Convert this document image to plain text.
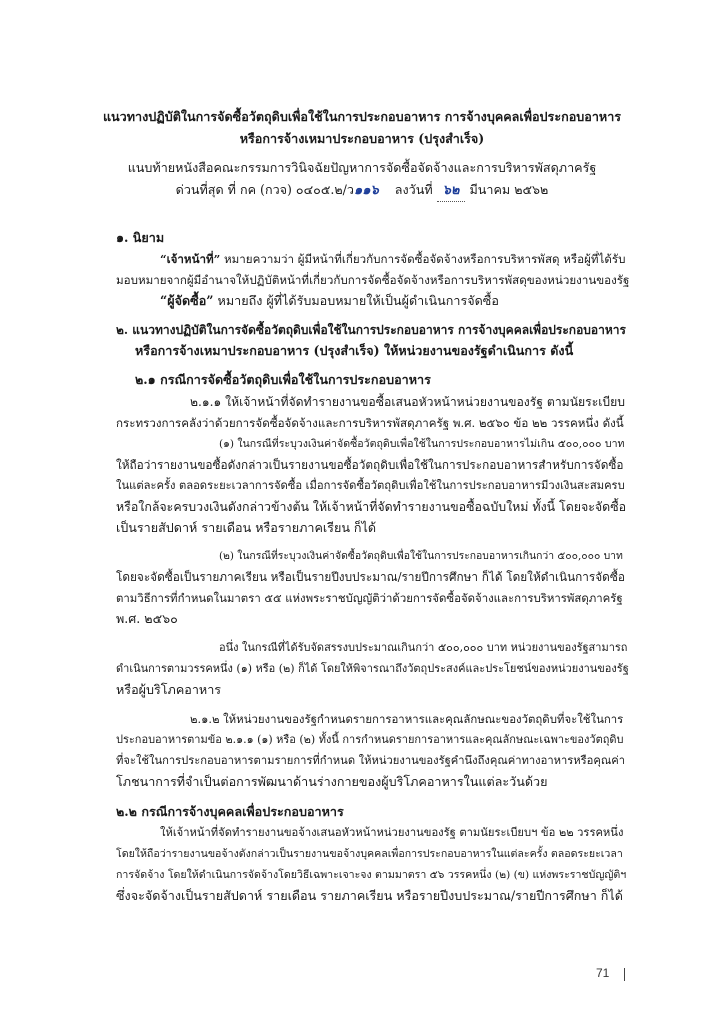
แนวทางปฏิบัติในการจัดซื้อวัตถุดิบเพื่อใช้ในการประกอบอาหาร การจ้างบุคคลเพื่อประกอบอาหาร
หรือการจ้างเหมาประกอบอาหาร (ปรุงสำเร็จ)
แนบท้ายหนังสือคณะกรรมการวินิจฉัยปัญหาการจัดซื้อจัดจ้างและการบริหารพัสดุภาครัฐ
ด่วนที่สุด ที่ กค (กวจ) ๐๔๐๕.๒/ว๑๑๖ ลงวันที่ ๖๒ มีนาคม ๒๕๖๒
๑. นิยาม
“เจ้าหน้าที่” หมายความว่า ผู้มีหน้าที่เกี่ยวกับการจัดซื้อจัดจ้างหรือการบริหารพัสดุ หรือผู้ที่ได้รับ
มอบหมายจากผู้มีอำนาจให้ปฏิบัติหน้าที่เกี่ยวกับการจัดซื้อจัดจ้างหรือการบริหารพัสดุของหน่วยงานของรัฐ
“ผู้จัดซื้อ” หมายถึง ผู้ที่ได้รับมอบหมายให้เป็นผู้ดำเนินการจัดซื้อ
๒. แนวทางปฏิบัติในการจัดซื้อวัตถุดิบเพื่อใช้ในการประกอบอาหาร การจ้างบุคคลเพื่อประกอบอาหาร
หรือการจ้างเหมาประกอบอาหาร (ปรุงสำเร็จ) ให้หน่วยงานของรัฐดำเนินการ ดังนี้
๒.๑ กรณีการจัดซื้อวัตถุดิบเพื่อใช้ในการประกอบอาหาร
๒.๑.๑ ให้เจ้าหน้าที่จัดทำรายงานขอซื้อเสนอหัวหน้าหน่วยงานของรัฐ ตามนัยระเบียบ
กระทรวงการคลังว่าด้วยการจัดซื้อจัดจ้างและการบริหารพัสดุภาครัฐ พ.ศ. ๒๕๖๐ ข้อ ๒๒ วรรคหนึ่ง ดังนี้
(๑) ในกรณีที่ระบุวงเงินค่าจัดซื้อวัตถุดิบเพื่อใช้ในการประกอบอาหารไม่เกิน ๕๐๐,๐๐๐ บาท
ให้ถือว่ารายงานขอซื้อดังกล่าวเป็นรายงานขอซื้อวัตถุดิบเพื่อใช้ในการประกอบอาหารสำหรับการจัดซื้อ
ในแต่ละครั้ง ตลอดระยะเวลาการจัดซื้อ เมื่อการจัดซื้อวัตถุดิบเพื่อใช้ในการประกอบอาหารมีวงเงินสะสมครบ
หรือใกล้จะครบวงเงินดังกล่าวข้างต้น ให้เจ้าหน้าที่จัดทำรายงานขอซื้อฉบับใหม่ ทั้งนี้ โดยจะจัดซื้อ
เป็นรายสัปดาห์ รายเดือน หรือรายภาคเรียน ก็ได้
(๒) ในกรณีที่ระบุวงเงินค่าจัดซื้อวัตถุดิบเพื่อใช้ในการประกอบอาหารเกินกว่า ๕๐๐,๐๐๐ บาท
โดยจะจัดซื้อเป็นรายภาคเรียน หรือเป็นรายปีงบประมาณ/รายปีการศึกษา ก็ได้ โดยให้ดำเนินการจัดซื้อ
ตามวิธีการที่กำหนดในมาตรา ๕๕ แห่งพระราชบัญญัติว่าด้วยการจัดซื้อจัดจ้างและการบริหารพัสดุภาครัฐ
พ.ศ. ๒๕๖๐
อนึ่ง ในกรณีที่ได้รับจัดสรรงบประมาณเกินกว่า ๕๐๐,๐๐๐ บาท หน่วยงานของรัฐสามารถ
ดำเนินการตามวรรคหนึ่ง (๑) หรือ (๒) ก็ได้ โดยให้พิจารณาถึงวัตถุประสงค์และประโยชน์ของหน่วยงานของรัฐ
หรือผู้บริโภคอาหาร
๒.๑.๒ ให้หน่วยงานของรัฐกำหนดรายการอาหารและคุณลักษณะของวัตถุดิบที่จะใช้ในการ
ประกอบอาหารตามข้อ ๒.๑.๑ (๑) หรือ (๒) ทั้งนี้ การกำหนดรายการอาหารและคุณลักษณะเฉพาะของวัตถุดิบ
ที่จะใช้ในการประกอบอาหารตามรายการที่กำหนด ให้หน่วยงานของรัฐคำนึงถึงคุณค่าทางอาหารหรือคุณค่า
โภชนาการที่จำเป็นต่อการพัฒนาด้านร่างกายของผู้บริโภคอาหารในแต่ละวันด้วย
๒.๒ กรณีการจ้างบุคคลเพื่อประกอบอาหาร
ให้เจ้าหน้าที่จัดทำรายงานขอจ้างเสนอหัวหน้าหน่วยงานของรัฐ ตามนัยระเบียบฯ ข้อ ๒๒ วรรคหนึ่ง
โดยให้ถือว่ารายงานขอจ้างดังกล่าวเป็นรายงานขอจ้างบุคคลเพื่อการประกอบอาหารในแต่ละครั้ง ตลอดระยะเวลา
การจัดจ้าง โดยให้ดำเนินการจัดจ้างโดยวิธีเฉพาะเจาะจง ตามมาตรา ๕๖ วรรคหนึ่ง (๒) (ข) แห่งพระราชบัญญัติฯ
ซึ่งจะจัดจ้างเป็นรายสัปดาห์ รายเดือน รายภาคเรียน หรือรายปีงบประมาณ/รายปีการศึกษา ก็ได้
71
